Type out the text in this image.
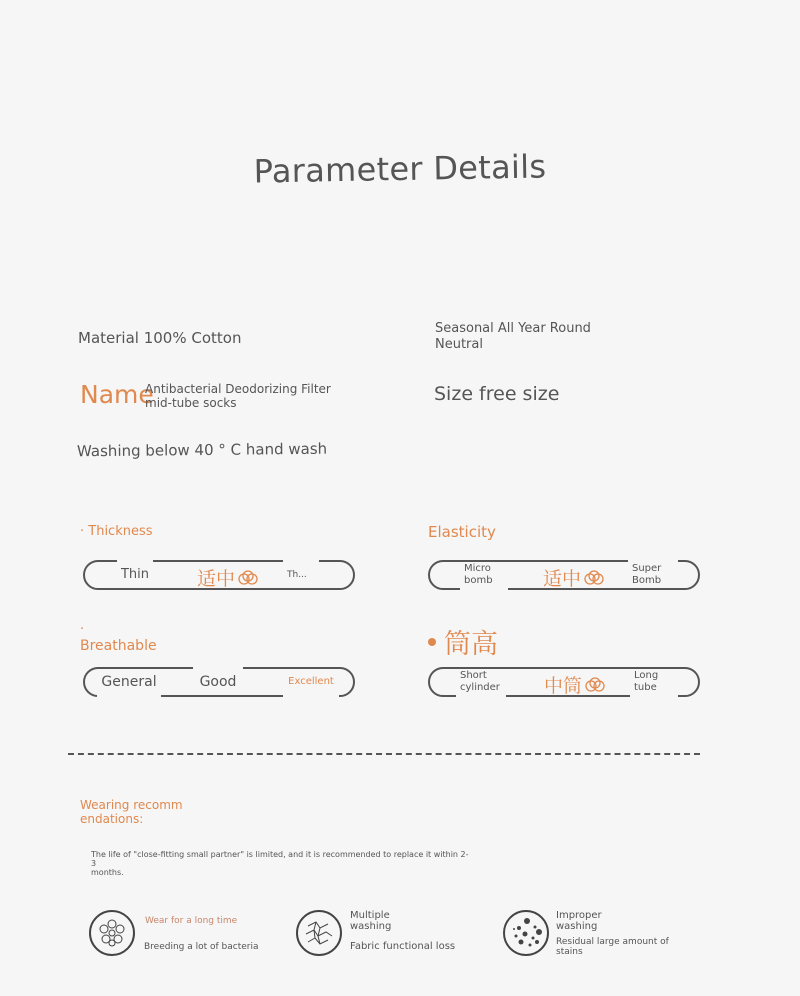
Parameter Details
Material 100% Cotton
Seasonal All Year Round
Neutral
Name
Antibacterial Deodorizing Filter
mid-tube socks	Size free size
Washing below 40 ° C hand wash
· Thickness
Thin	适中	Th...
Elasticity
Micro
bomb	适中	Super
Bomb
·
Breathable
General	Good	Excellent
筒高
Short
cylinder 中筒	Long
tube
Wearing recomm
endations:
The life of "close-fitting small partner" is limited, and it is recommended to replace it within 2-3
months.
Wear for a long time
Breeding a lot of bacteria
Multiple
washing
Fabric functional loss
Improper
washing
Residual large amount of
stains
